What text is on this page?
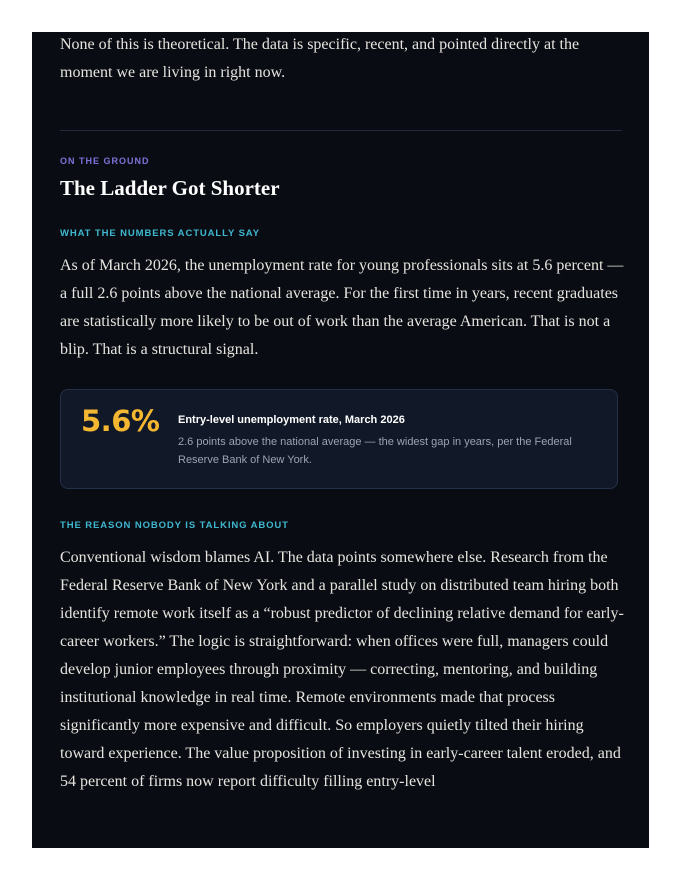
None of this is theoretical. The data is specific, recent, and pointed directly at the moment we are living in right now.

ON THE GROUND
The Ladder Got Shorter
WHAT THE NUMBERS ACTUALLY SAY

As of March 2026, the unemployment rate for young professionals sits at 5.6 percent — a full 2.6 points above the national average. For the first time in years, recent graduates are statistically more likely to be out of work than the average American. That is not a blip. That is a structural signal.

5.6% Entry-level unemployment rate, March 2026
2.6 points above the national average — the widest gap in years, per the Federal Reserve Bank of New York.
THE REASON NOBODY IS TALKING ABOUT

Conventional wisdom blames AI. The data points somewhere else. Research from the Federal Reserve Bank of New York and a parallel study on distributed team hiring both identify remote work itself as a “robust predictor of declining relative demand for early-career workers.” The logic is straightforward: when offices were full, managers could develop junior employees through proximity — correcting, mentoring, and building institutional knowledge in real time. Remote environments made that process significantly more expensive and difficult. So employers quietly tilted their hiring toward experience. The value proposition of investing in early-career talent eroded, and 54 percent of firms now report difficulty filling entry-level
